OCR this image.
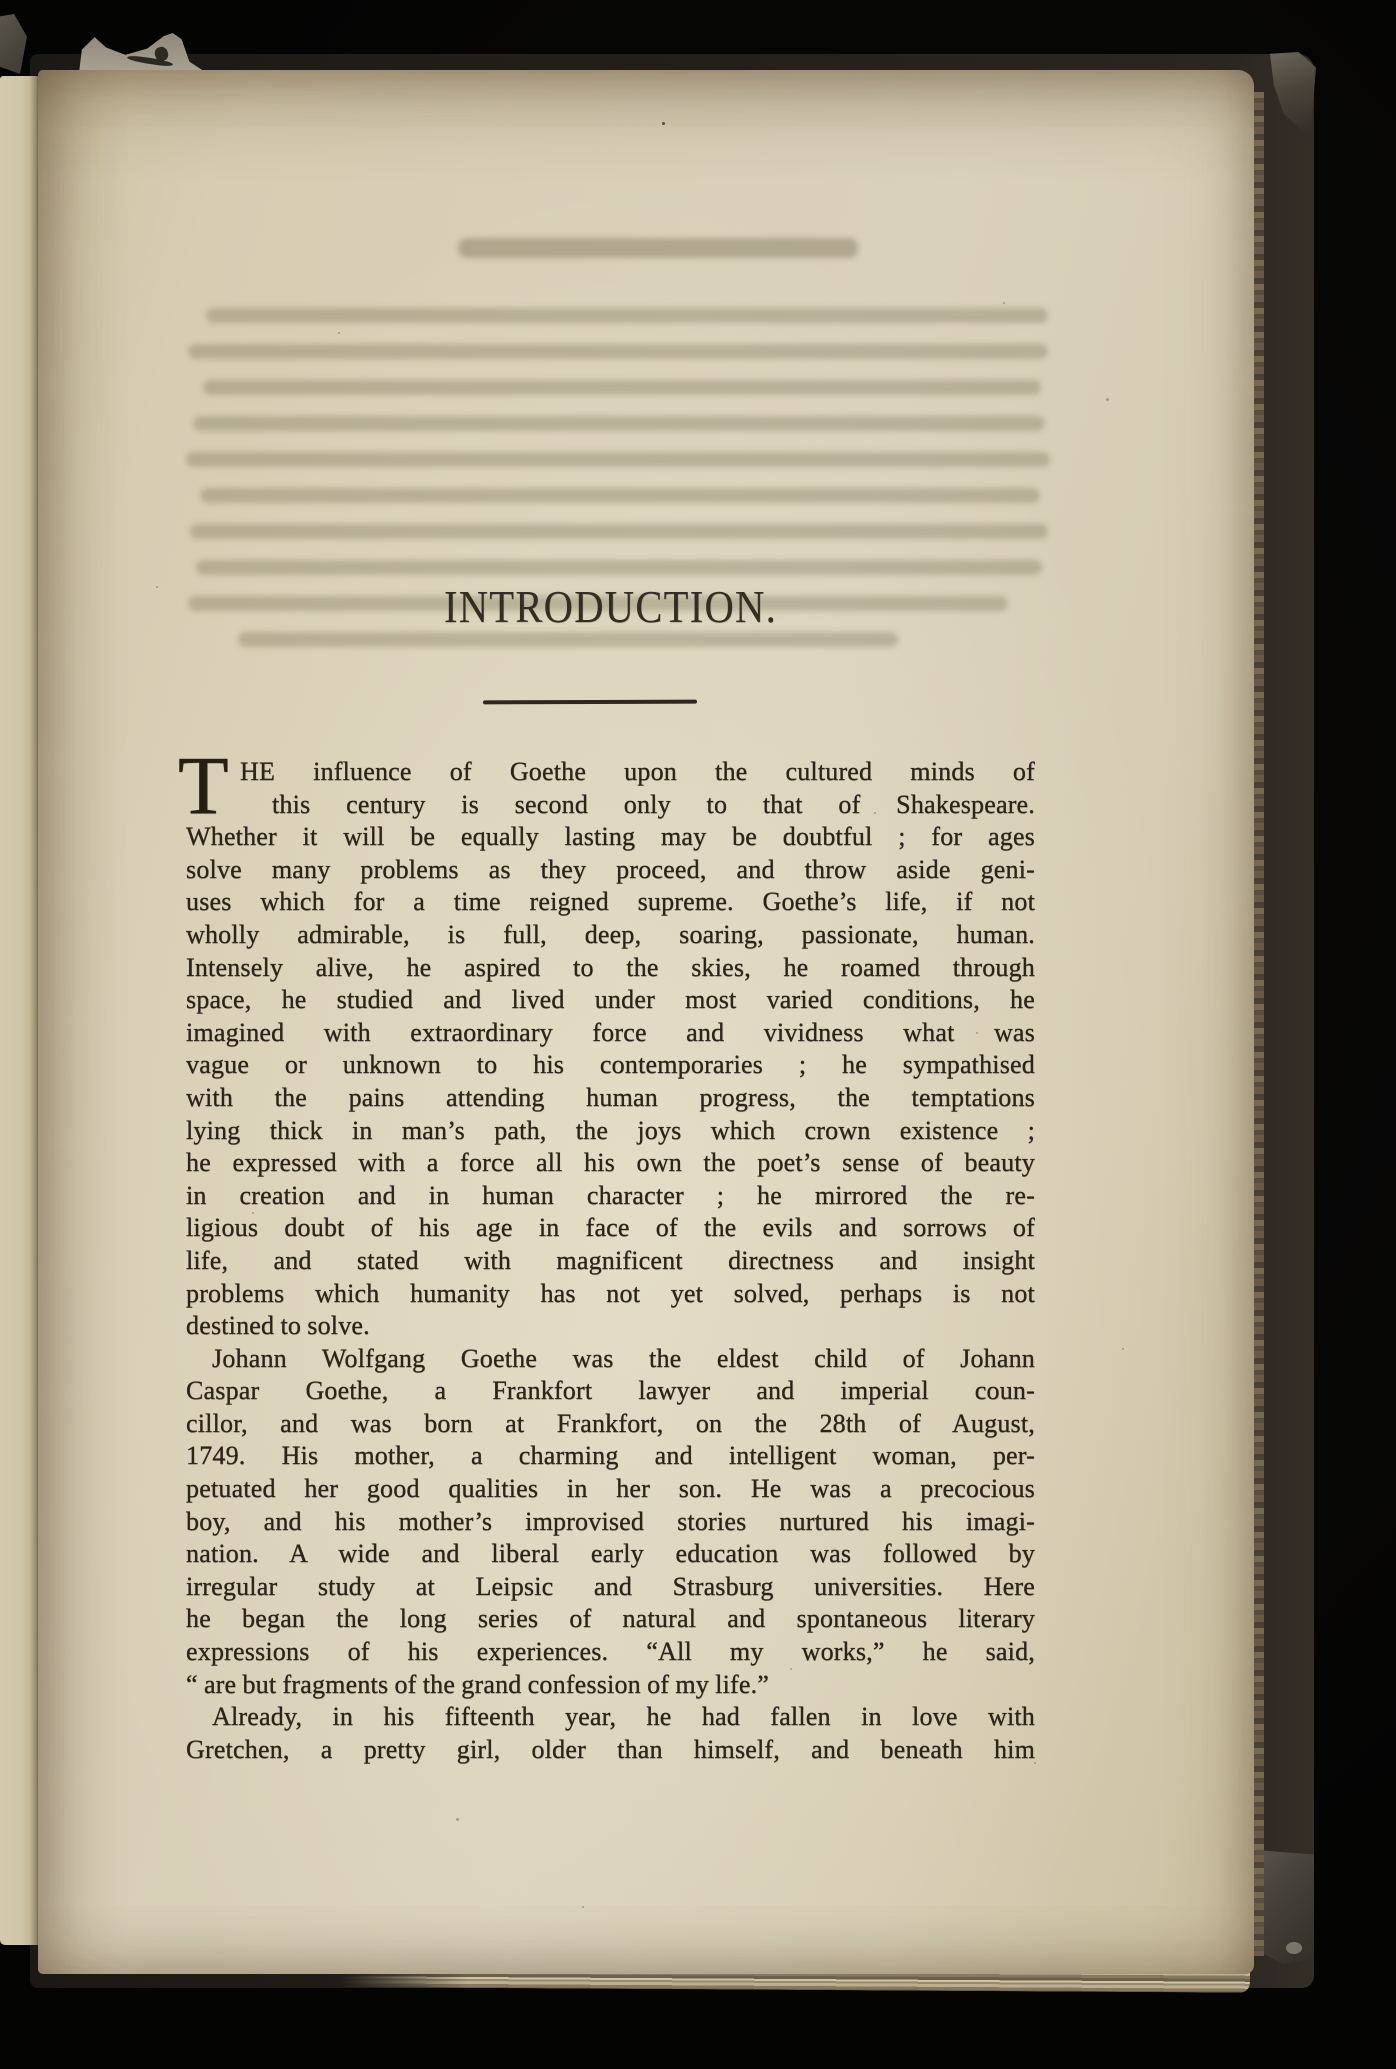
INTRODUCTION.
HE influence of Goethe upon the cultured minds of
this century is second only to that of Shakespeare.
Whether it will be equally lasting may be doubtful ; for ages
solve many problems as they proceed, and throw aside geni-
uses which for a time reigned supreme. Goethe’s life, if not
wholly admirable, is full, deep, soaring, passionate, human.
Intensely alive, he aspired to the skies, he roamed through
space, he studied and lived under most varied conditions, he
imagined with extraordinary force and vividness what was
vague or unknown to his contemporaries ; he sympathised
with the pains attending human progress, the temptations
lying thick in man’s path, the joys which crown existence ;
he expressed with a force all his own the poet’s sense of beauty
in creation and in human character ; he mirrored the re-
ligious doubt of his age in face of the evils and sorrows of
life, and stated with magnificent directness and insight
problems which humanity has not yet solved, perhaps is not
destined to solve.
T
Johann Wolfgang Goethe was the eldest child of Johann
Caspar Goethe, a Frankfort lawyer and imperial coun-
cillor, and was born at Frankfort, on the 28th of August,
1749. His mother, a charming and intelligent woman, per-
petuated her good qualities in her son. He was a precocious
boy, and his mother’s improvised stories nurtured his imagi-
nation. A wide and liberal early education was followed by
irregular study at Leipsic and Strasburg universities. Here
he began the long series of natural and spontaneous literary
expressions of his experiences. “All my works,” he said,
“ are but fragments of the grand confession of my life.”
Already, in his fifteenth year, he had fallen in love with
Gretchen, a pretty girl, older than himself, and beneath him
